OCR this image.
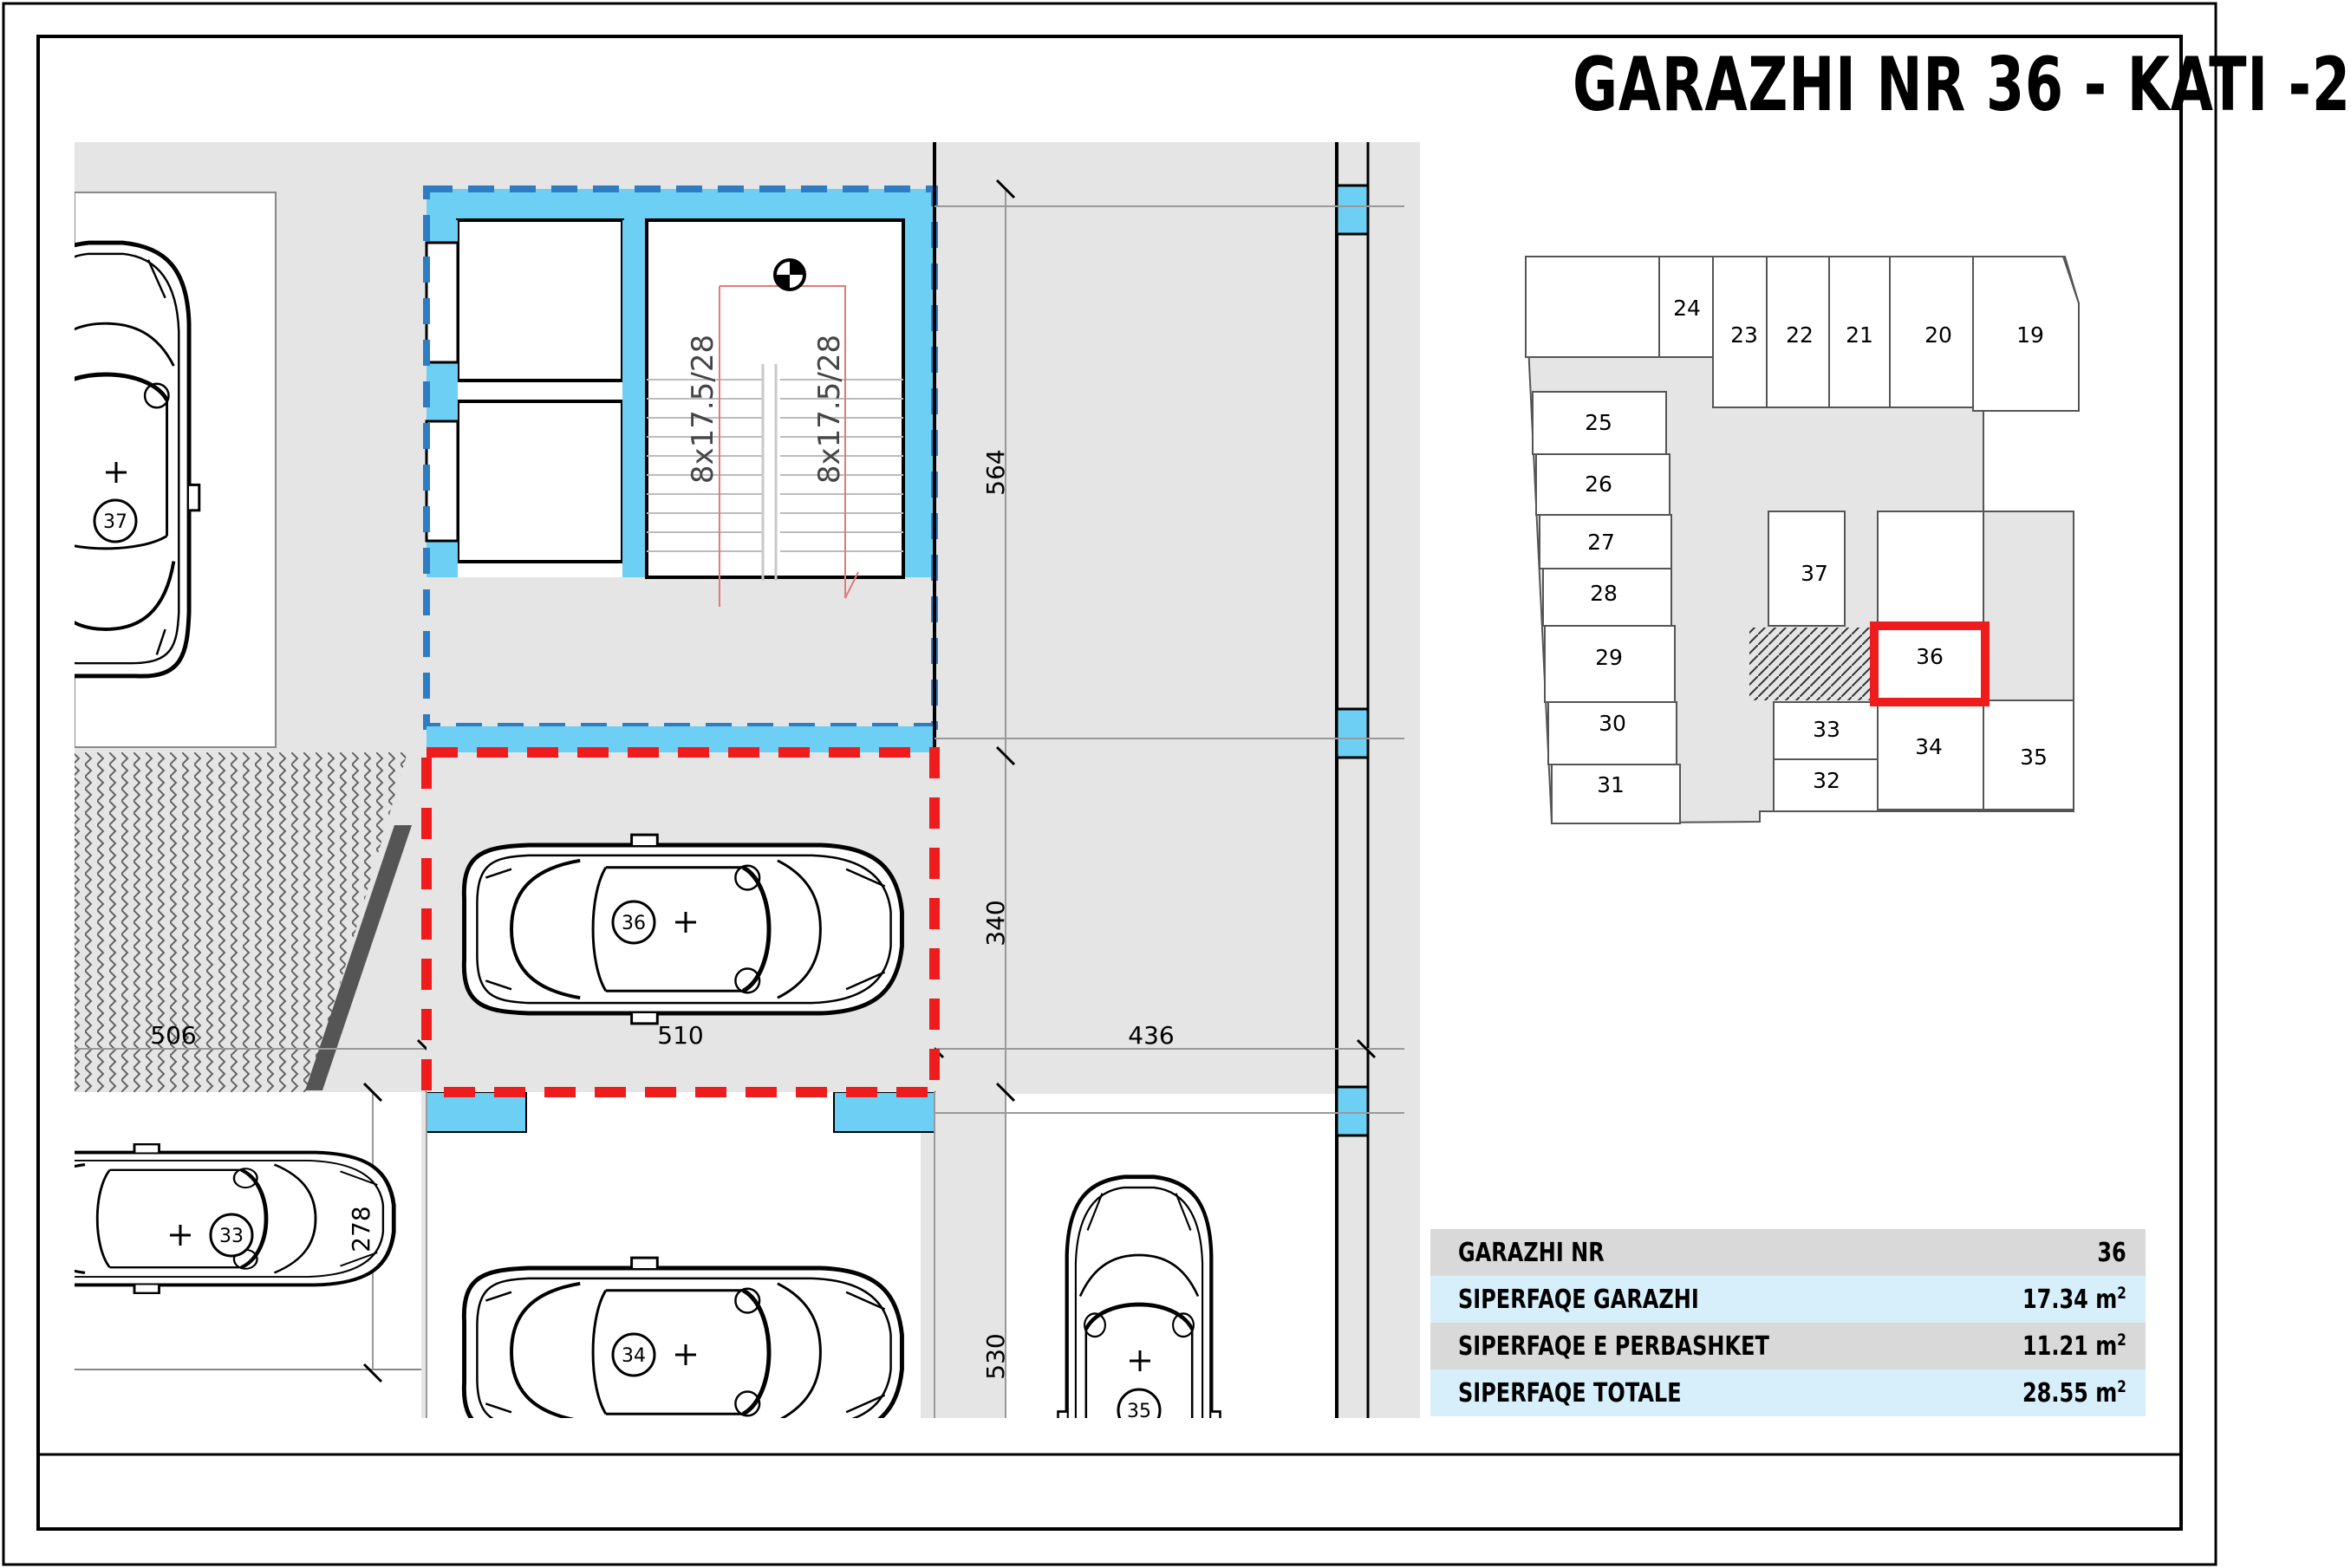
37
36
33
34
35
506	510	436
564
340
530
278
8x17.5/28	8x17.5/28
24
23 22 21 20	19
25
26
27
28
29
30
31
37
36
33
32
34	35
GARAZHI NR 36 - KATI -2
GARAZHI NR	36
SIPERFAQE GARAZHI	17.34 $m^2$
SIPERFAQE E PERBASHKET	11.21 $m^2$
SIPERFAQE TOTALE	28.55 $m^2$
